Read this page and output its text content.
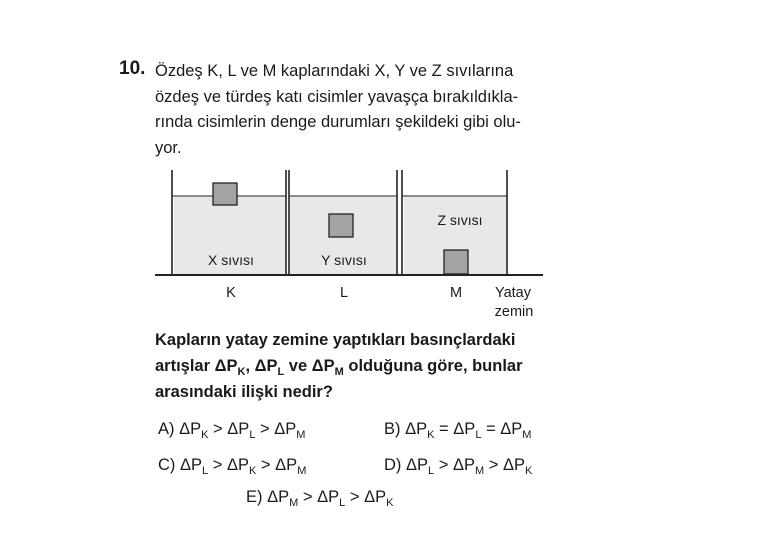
10. Özdeş K, L ve M kaplarındaki X, Y ve Z sıvılarına
özdeş ve türdeş katı cisimler yavaşça bırakıldıkla-
rında cisimlerin denge durumları şekildeki gibi olu-
yor.
X sıvısı	Y sıvısı
Z sıvısı
K	L	M Yatay
zemin
Kapların yatay zemine yaptıkları basınçlardaki
artışlar $\Delta P_K$, $\Delta P_L$ ve $\Delta P_M$ olduğuna göre, bunlar
arasındaki ilişki nedir?
A) $\Delta P_K > \Delta P_L > \Delta P_M$	B) $\Delta P_K = \Delta P_L = \Delta P_M$
C) $\Delta P_L > \Delta P_K > \Delta P_M$	D) $\Delta P_L > \Delta P_M > \Delta P_K$
E) $\Delta P_M > \Delta P_L > \Delta P_K$
